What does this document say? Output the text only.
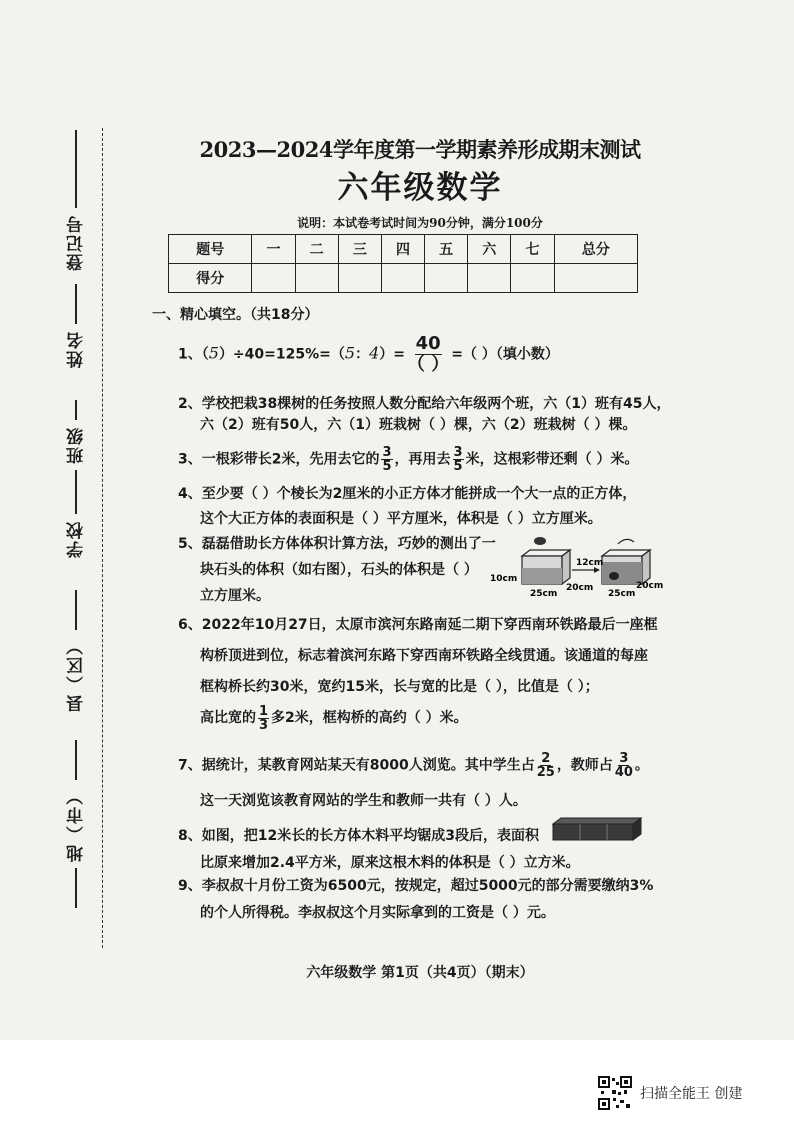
登记号
姓名
班级
学校
县（区）
地（市）
2023—2024学年度第一学期素养形成期末测试
六年级数学
说明：本试卷考试时间为90分钟，满分100分
题号	一	二	三	四	五	六	七	总分
得分								
一、精心填空。（共18分）
1、（5）÷40=125%=（5：$4)= \frac{40}{( )}$ =（ ）（填小数）
2、学校把栽38棵树的任务按照人数分配给六年级两个班，六（1）班有45人，
六（2）班有50人，六（1）班栽树（ ）棵，六（2）班栽树（ ）棵。
3、一根彩带长2米，先用去它的 $\frac{3}{5}$ ，再用去 $\frac{3}{5}$ 米，这根彩带还剩（ ）米。
4、至少要（ ）个棱长为2厘米的小正方体才能拼成一个大一点的正方体，
这个大正方体的表面积是（ ）平方厘米，体积是（ ）立方厘米。
5、磊磊借助长方体体积计算方法，巧妙的测出了一
块石头的体积（如右图），石头的体积是（ ）
立方厘米。
10cm
12cm
20cm
25cm	25cm
20cm
6、2022年10月27日，太原市滨河东路南延二期下穿西南环铁路最后一座框
构桥顶进到位，标志着滨河东路下穿西南环铁路全线贯通。该通道的每座
框构桥长约30米，宽约15米，长与宽的比是（ ），比值是（ ）；
高比宽的 $\frac{1}{3}$ 多2米，框构桥的高约（ ）米。
7、据统计，某教育网站某天有8000人浏览。其中学生占 $\frac{2}{25}$ ，教师占 $\frac{3}{40}$ 。
这一天浏览该教育网站的学生和教师一共有（ ）人。
8、如图，把12米长的长方体木料平均锯成3段后，表面积
比原来增加2.4平方米，原来这根木料的体积是（ ）立方米。
9、李叔叔十月份工资为6500元，按规定，超过5000元的部分需要缴纳3%
的个人所得税。李叔叔这个月实际拿到的工资是（ ）元。
六年级数学 第1页（共4页）（期末）
扫描全能王 创建
